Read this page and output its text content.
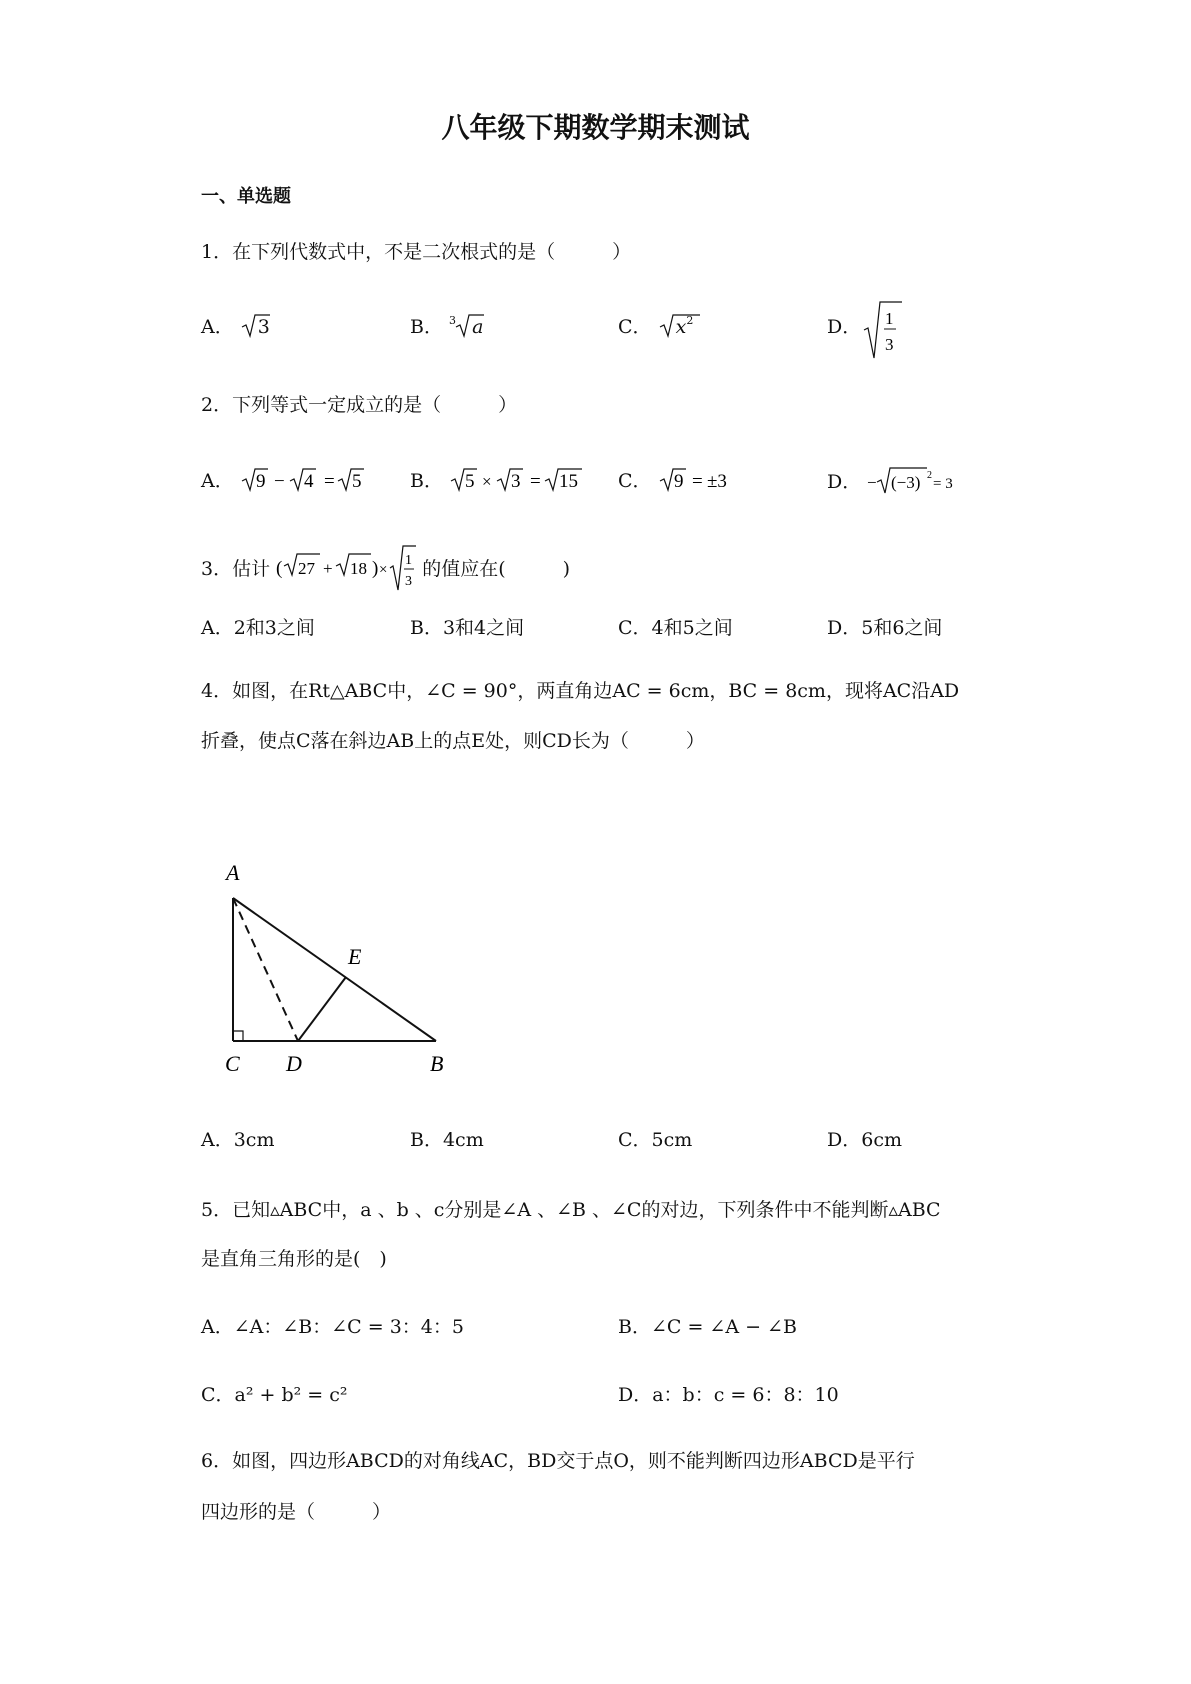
八年级下期数学期末测试
一、单选题
1．在下列代数式中，不是二次根式的是（　　　）
A． 3	B． $^3$ a	C． $x^2$	D． 1
3
2．下列等式一定成立的是（　　　）
A． 9 − 4 = 5	B． 5 × 3 = 15 C． 9 = ±3	D． − (−3) 2
= 3
3．估计 ( 27 + 18 ) ×
1
3
的值应在(　　　)
A．2和3之间	B．3和4之间	C．4和5之间	D．5和6之间
4．如图，在Rt△ABC中，∠C = 90°，两直角边AC = 6cm，BC = 8cm，现将AC沿AD
折叠，使点C落在斜边AB上的点E处，则CD长为（　　　）
A
E
C D	B
A．3cm	B．4cm	C．5cm	D．6cm
5．已知▵ABC中，a 、b 、c分别是∠A 、∠B 、∠C的对边，下列条件中不能判断▵ABC
是直角三角形的是(　)
A．∠A：∠B：∠C = 3：4：5	B．∠C = ∠A − ∠B
C．a² + b² = c²	D．a：b：c = 6：8：10
6．如图，四边形ABCD的对角线AC，BD交于点O，则不能判断四边形ABCD是平行
四边形的是（　　　）
